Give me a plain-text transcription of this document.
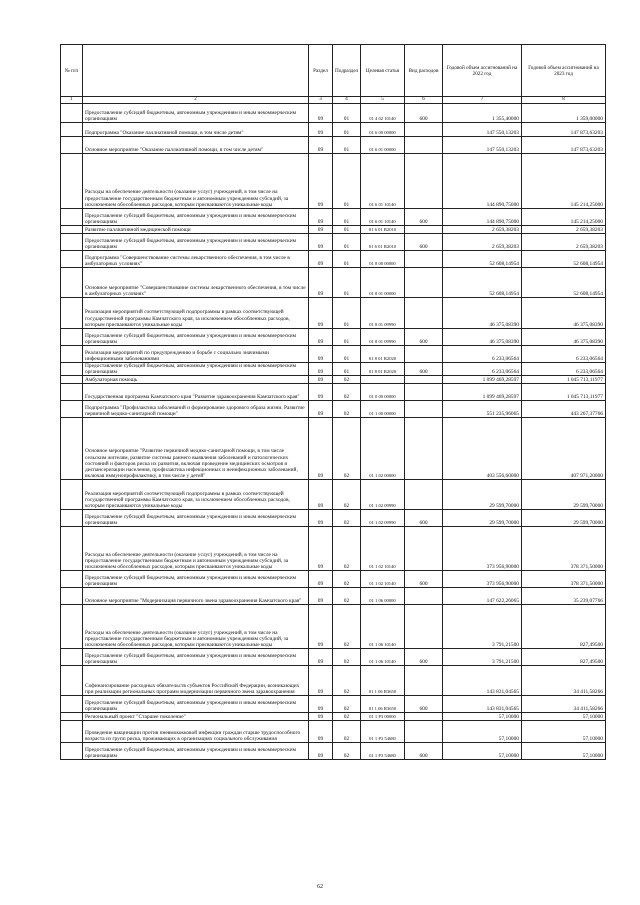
№ п/п		Раздел	Подраздел	Целевая статья	Вид расходов	Годовой объем ассигнований на 2022 год	Годовой объем ассигнований на 2023 год
1	2	3	4	5	6	7	8
	Предоставление субсидий бюджетным, автономным учреждениям и иным некоммерческим организациям	09	01	01 4 02 10140	600	1 355,40000	1 359,00000
	Подпрограмма "Оказание паллиативной помощи, в том числе детям"	09	01	01 6 00 00000		147 550,13203	147 873,63203
	Основное мероприятие "Оказание паллиативной помощи, в том числе детям"	09	01	01 6 01 00000		147 550,13203	147 873,63203
	Расходы на обеспечение деятельности (оказание услуг) учреждений, в том числе на предоставление государственным бюджетным и автономным учреждениям субсидий, за исключением обособленных расходов, которым присваиваются уникальные коды	09	01	01 6 01 10140		144 890,75000	145 214,25000
	Предоставление субсидий бюджетным, автономным учреждениям и иным некоммерческим организациям	09	01	01 6 01 10140	600	144 890,75000	145 214,25000
	Развитие паллиативной медицинской помощи	09	01	01 6 01 R2010		2 659,38203	2 659,38203
	Предоставление субсидий бюджетным, автономным учреждениям и иным некоммерческим организациям	09	01	01 6 01 R2010	600	2 659,38203	2 659,38203
	Подпрограмма "Совершенствование системы лекарственного обеспечения, в том числе в амбулаторных условиях"	09	01	01 8 00 00000		52 608,14954	52 608,14954
	Основное мероприятие "Совершенствование системы лекарственного обеспечения, в том числе в амбулаторных условиях"	09	01	01 8 01 00000		52 608,14954	52 608,14954
	Реализация мероприятий соответствующей подпрограммы в рамках соответствующей государственной программы Камчатского края, за исключением обособленных расходов, которым присваиваются уникальные коды	09	01	01 8 01 09990		46 375,08390	46 375,08390
	Предоставление субсидий бюджетным, автономным учреждениям и иным некоммерческим организациям	09	01	01 8 01 09990	600	46 375,08390	46 375,08390
	Реализация мероприятий по предупреждению и борьбе с социально значимыми инфекционными заболеваниями	09	01	01 8 01 R2020		6 233,06564	6 233,06564
	Предоставление субсидий бюджетным, автономным учреждениям и иным некоммерческим организациям	09	01	01 8 01 R2020	600	6 233,06564	6 233,06564
	Амбулаторная помощь	09	02			1 099 469,28597	1 045 713,11977
	Государственная программа Камчатского края "Развитие здравоохранения Камчатского края"	09	02	01 0 00 00000		1 099 469,28597	1 045 713,11977
	Подпрограмма "Профилактика заболеваний и формирование здорового образа жизни. Развитие первичной медико-санитарной помощи"	09	02	01 1 00 00000		551 235,96065	443 267,37766
	Основное мероприятие "Развитие первичной медико-санитарной помощи, в том числе сельским жителям, развитие системы раннего выявления заболеваний и патологических состояний и факторов риска их развития, включая проведение медицинских осмотров и диспансеризации населения, профилактика инфекционных и неинфекционных заболеваний, включая иммунопрофилактику, в том числе у детей"	09	02	01 1 02 00000		403 556,60000	407 971,20000
	Реализация мероприятий соответствующей подпрограммы в рамках соответствующей государственной программы Камчатского края, за исключением обособленных расходов, которым присваиваются уникальные коды	09	02	01 1 02 09990		29 599,70000	29 599,70000
	Предоставление субсидий бюджетным, автономным учреждениям и иным некоммерческим организациям	09	02	01 1 02 09990	600	29 599,70000	29 599,70000
	Расходы на обеспечение деятельности (оказание услуг) учреждений, в том числе на предоставление государственным бюджетным и автономным учреждениям субсидий, за исключением обособленных расходов, которым присваиваются уникальные коды	09	02	01 1 02 10140		373 956,90000	378 371,50000
	Предоставление субсидий бюджетным, автономным учреждениям и иным некоммерческим организациям	09	02	01 1 02 10140	600	373 956,90000	378 371,50000
	Основное мероприятие "Модернизация первичного звена здравоохранения Камчатского края"	09	02	01 1 06 00000		147 622,26065	35 239,07766
	Расходы на обеспечение деятельности (оказание услуг) учреждений, в том числе на предоставление государственным бюджетным и автономным учреждениям субсидий, за исключением обособленных расходов, которым присваиваются уникальные коды	09	02	01 1 06 10140		3 791,21500	827,49500
	Предоставление субсидий бюджетным, автономным учреждениям и иным некоммерческим организациям	09	02	01 1 06 10140	600	3 791,21500	827,49500
	Софинансирование расходных обязательств субъектов Российской Федерации, возникающих при реализации региональных программ модернизации первичного звена здравоохранения	09	02	01 1 06 R3650		143 831,04565	34 411,58266
	Предоставление субсидий бюджетным, автономным учреждениям и иным некоммерческим организациям	09	02	01 1 06 R3650	600	143 831,04565	34 411,58266
	Региональный проект "Старшее поколение"	09	02	01 1 P3 00000		57,10000	57,10000
	Проведение вакцинации против пневмококковой инфекции граждан старше трудоспособного возраста из групп риска, проживающих в организациях социального обслуживания	09	02	01 1 P3 54680		57,10000	57,10000
	Предоставление субсидий бюджетным, автономным учреждениям и иным некоммерческим организациям	09	02	01 1 P3 54680	600	57,10000	57,10000
62
